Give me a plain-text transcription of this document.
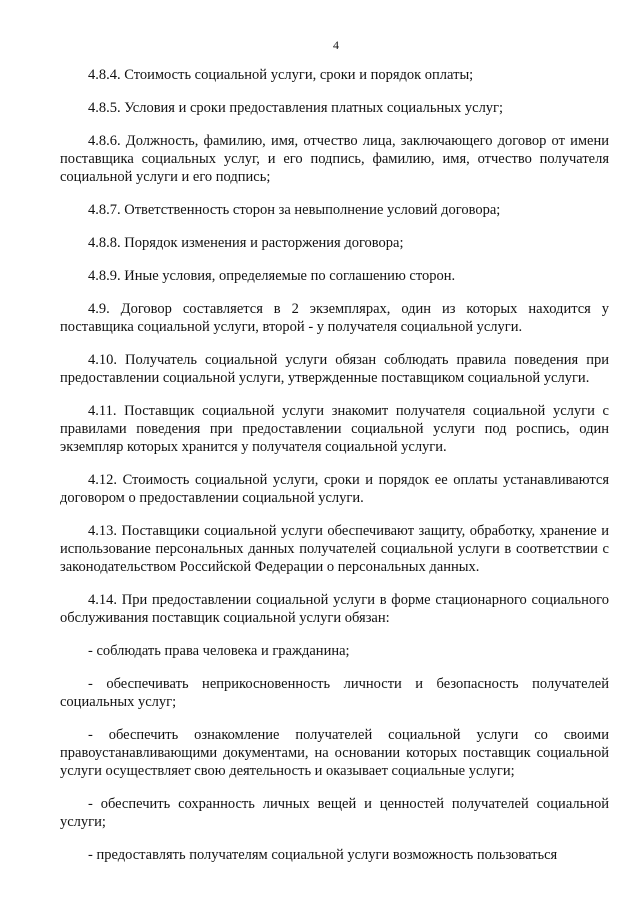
4

4.8.4. Стоимость социальной услуги, сроки и порядок оплаты;

4.8.5. Условия и сроки предоставления платных социальных услуг;

4.8.6. Должность, фамилию, имя, отчество лица, заключающего договор от имени поставщика социальных услуг, и его подпись, фамилию, имя, отчество получателя социальной услуги и его подпись;

4.8.7. Ответственность сторон за невыполнение условий договора;

4.8.8. Порядок изменения и расторжения договора;

4.8.9. Иные условия, определяемые по соглашению сторон.

4.9. Договор составляется в 2 экземплярах, один из которых находится у поставщика социальной услуги, второй - у получателя социальной услуги.

4.10. Получатель социальной услуги обязан соблюдать правила поведения при предоставлении социальной услуги, утвержденные поставщиком социальной услуги.

4.11. Поставщик социальной услуги знакомит получателя социальной услуги с правилами поведения при предоставлении социальной услуги под роспись, один экземпляр которых хранится у получателя социальной услуги.

4.12. Стоимость социальной услуги, сроки и порядок ее оплаты устанавливаются договором о предоставлении социальной услуги.

4.13. Поставщики социальной услуги обеспечивают защиту, обработку, хранение и использование персональных данных получателей социальной услуги в соответствии с законодательством Российской Федерации о персональных данных.

4.14. При предоставлении социальной услуги в форме стационарного социального обслуживания поставщик социальной услуги обязан:

- соблюдать права человека и гражданина;

- обеспечивать неприкосновенность личности и безопасность получателей социальных услуг;

- обеспечить ознакомление получателей социальной услуги со своими правоустанавливающими документами, на основании которых поставщик социальной услуги осуществляет свою деятельность и оказывает социальные услуги;

- обеспечить сохранность личных вещей и ценностей получателей социальной услуги;

- предоставлять получателям социальной услуги возможность пользоваться
